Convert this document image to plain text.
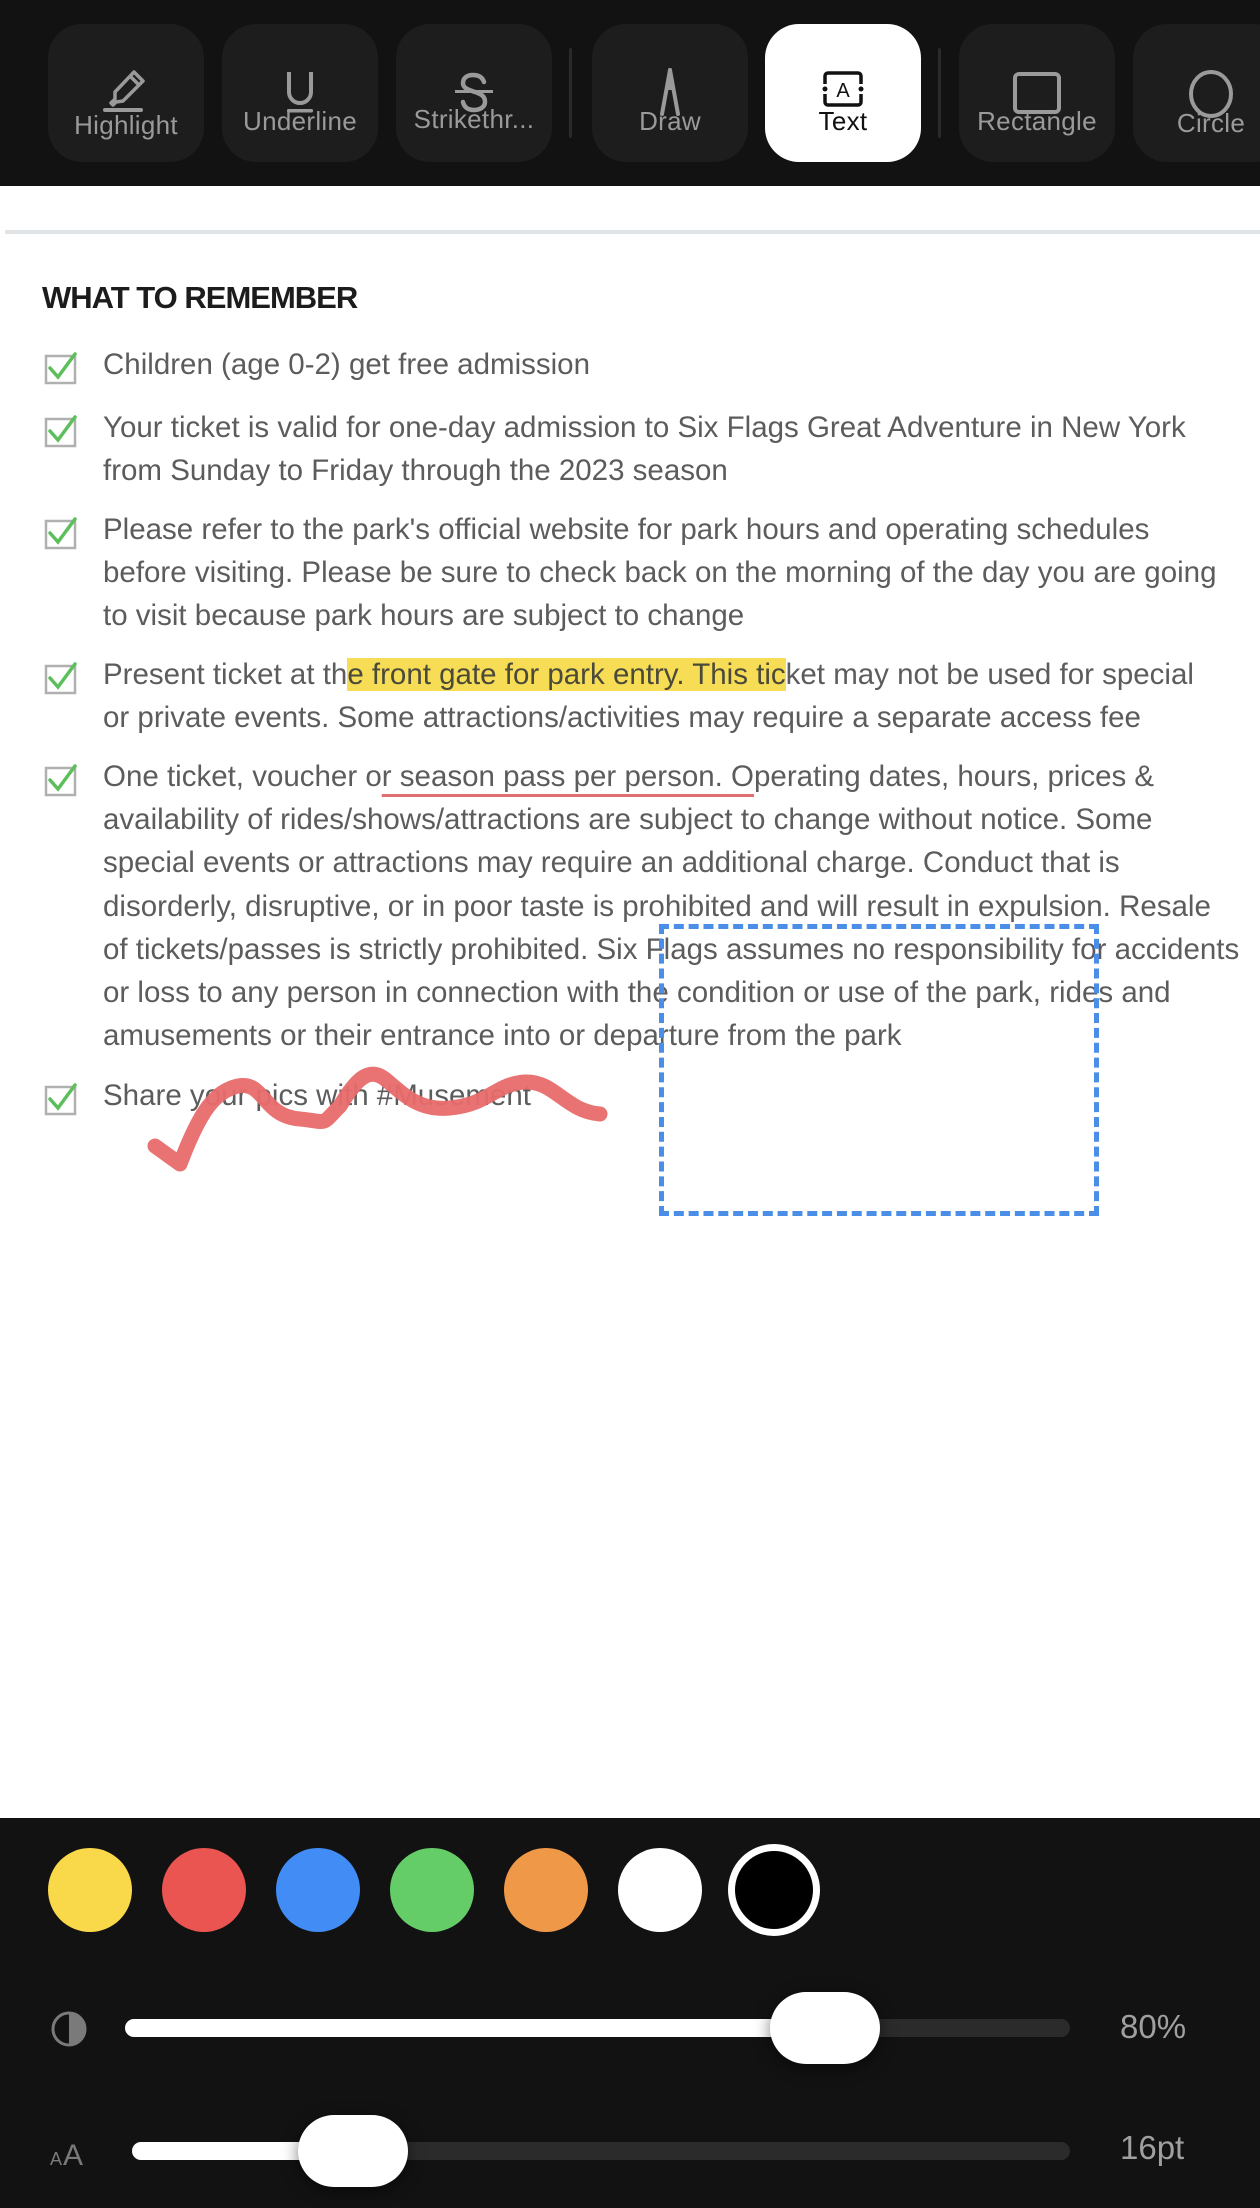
Highlight	Underline	Strikethr...	Draw
A
Text	Rectangle	Circle
WHAT TO REMEMBER
Children (age 0-2) get free admission
Your ticket is valid for one-day admission to Six Flags Great Adventure in New York
from Sunday to Friday through the 2023 season
Please refer to the park's official website for park hours and operating schedules
before visiting. Please be sure to check back on the morning of the day you are going
to visit because park hours are subject to change
Present ticket at the front gate for park entry. This ticket may not be used for special
or private events. Some attractions/activities may require a separate access fee
One ticket, voucher or season pass per person. Operating dates, hours, prices &
availability of rides/shows/attractions are subject to change without notice. Some
special events or attractions may require an additional charge. Conduct that is
disorderly, disruptive, or in poor taste is prohibited and will result in expulsion. Resale
of tickets/passes is strictly prohibited. Six Flags assumes no responsibility for accidents
or loss to any person in connection with the condition or use of the park, rides and
amusements or their entrance into or departure from the park
Share your pics with #Musement
80%
A A	16pt
